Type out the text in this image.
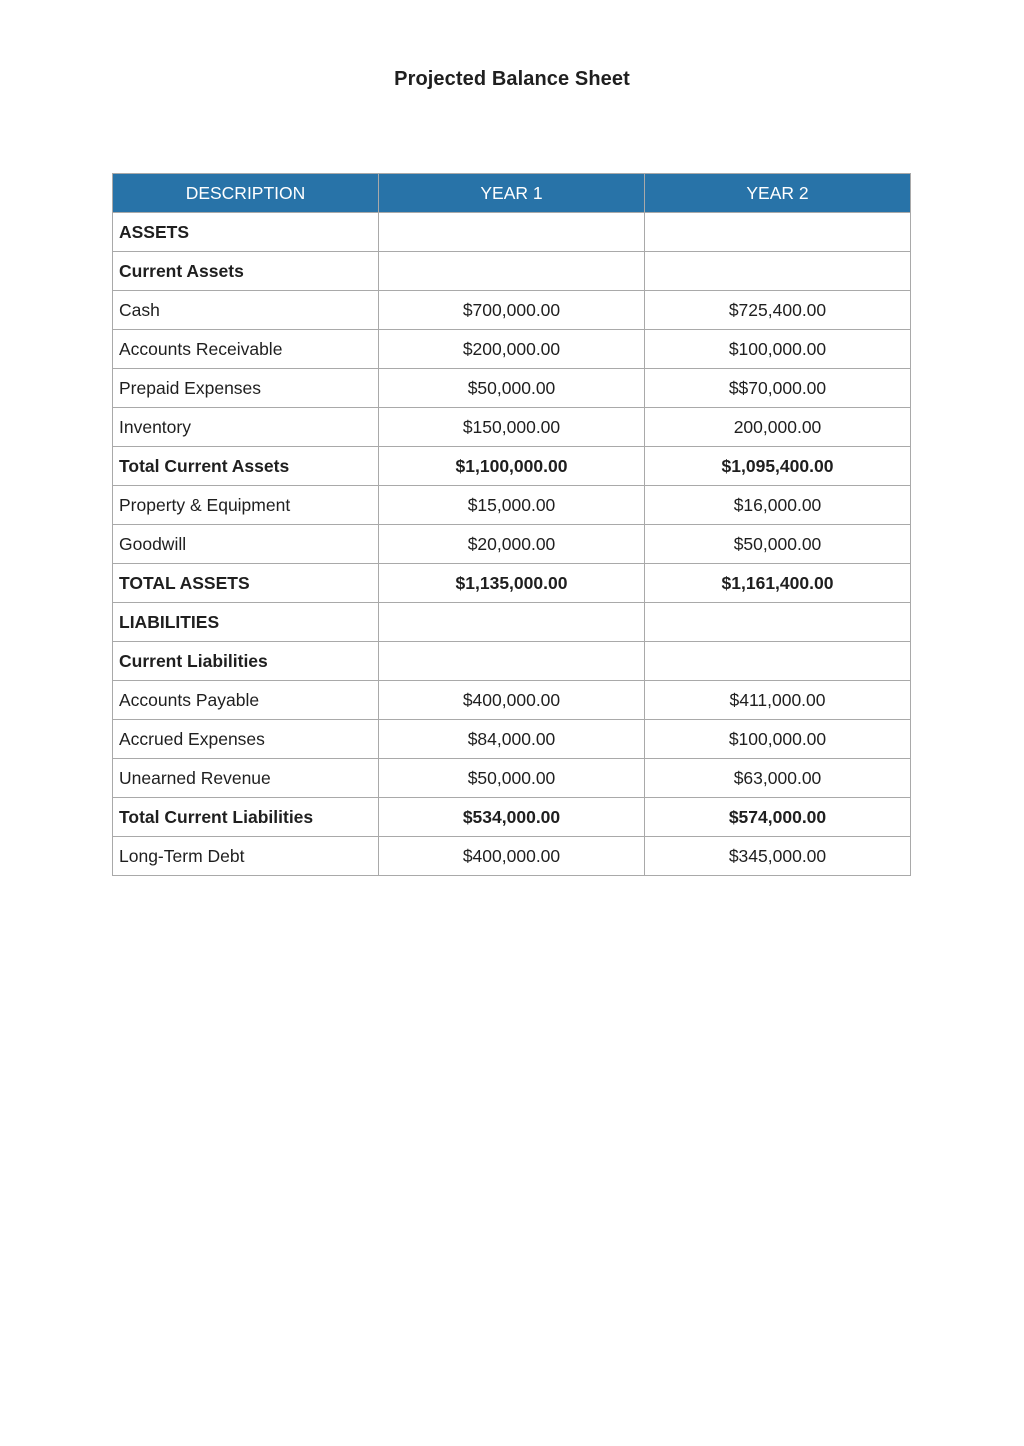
Projected Balance Sheet
DESCRIPTION	YEAR 1	YEAR 2
ASSETS		
Current Assets		
Cash	$700,000.00	$725,400.00
Accounts Receivable	$200,000.00	$100,000.00
Prepaid Expenses	$50,000.00	$$70,000.00
Inventory	$150,000.00	200,000.00
Total Current Assets	$1,100,000.00	$1,095,400.00
Property & Equipment	$15,000.00	$16,000.00
Goodwill	$20,000.00	$50,000.00
TOTAL ASSETS	$1,135,000.00	$1,161,400.00
LIABILITIES		
Current Liabilities		
Accounts Payable	$400,000.00	$411,000.00
Accrued Expenses	$84,000.00	$100,000.00
Unearned Revenue	$50,000.00	$63,000.00
Total Current Liabilities	$534,000.00	$574,000.00
Long-Term Debt	$400,000.00	$345,000.00
